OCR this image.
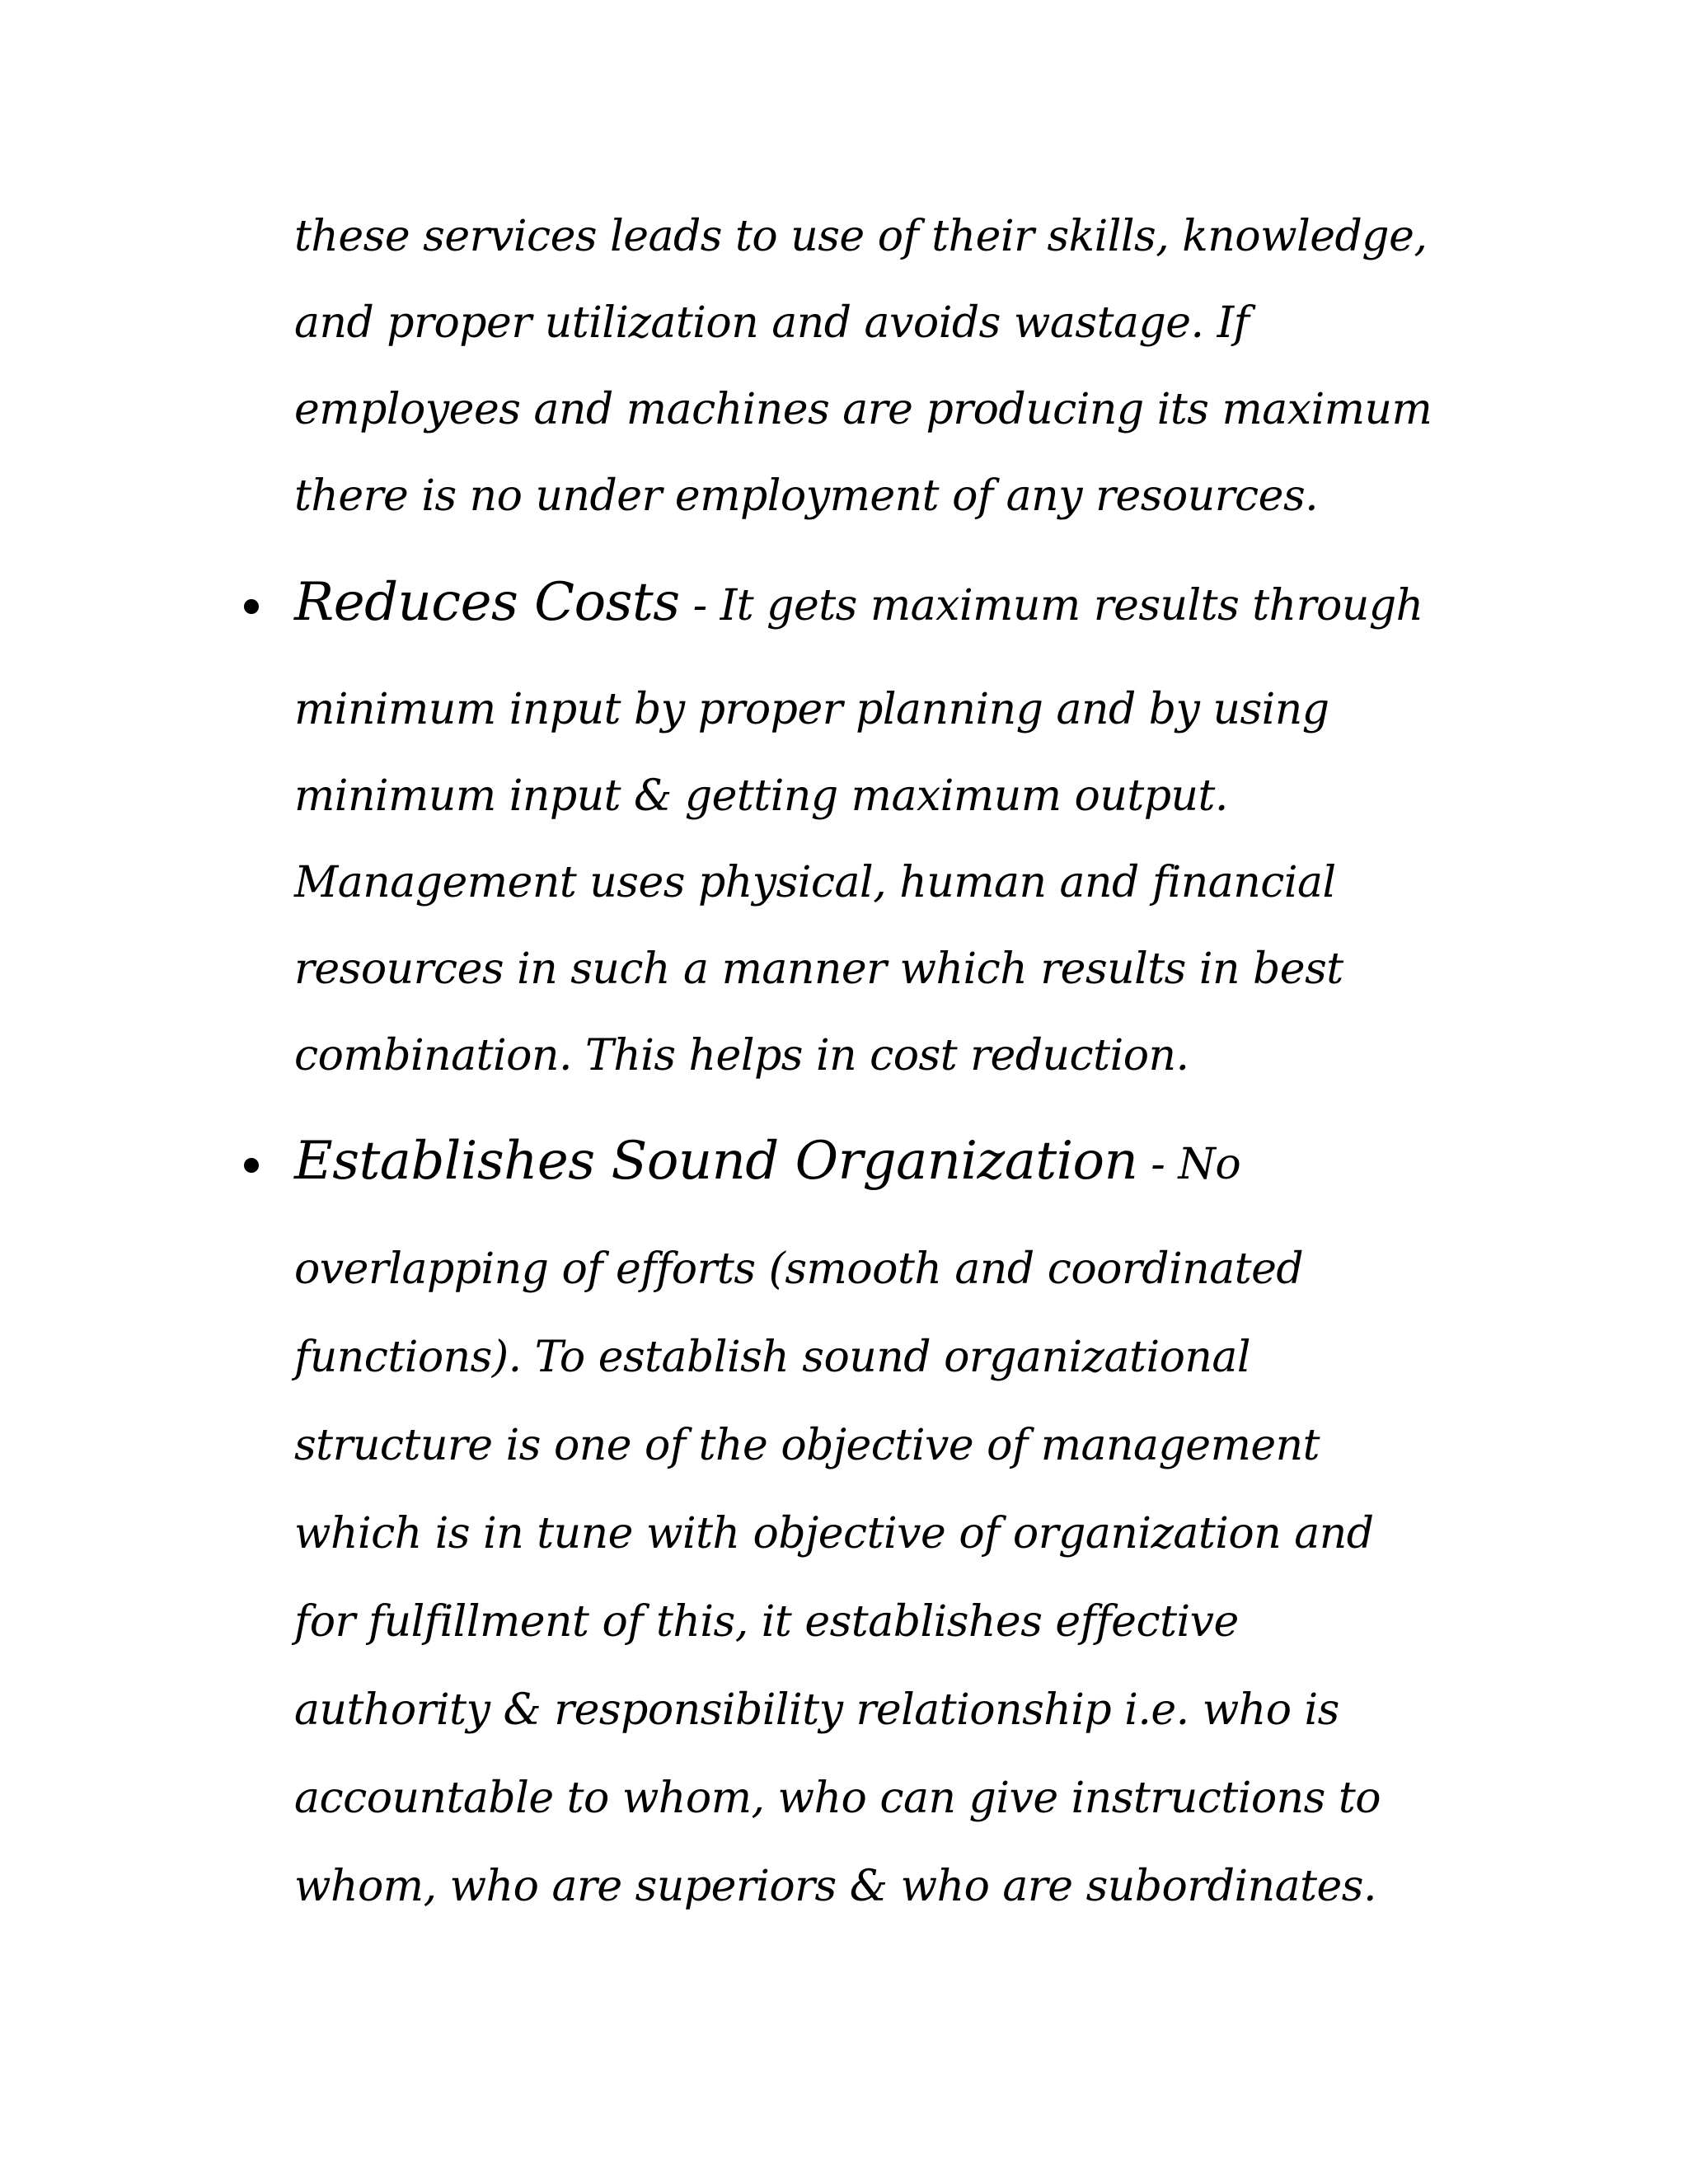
these services leads to use of their skills, knowledge,
and proper utilization and avoids wastage. If
employees and machines are producing its maximum
there is no under employment of any resources.
Reduces Costs - It gets maximum results through
minimum input by proper planning and by using
minimum input & getting maximum output.
Management uses physical, human and financial
resources in such a manner which results in best
combination. This helps in cost reduction.
Establishes Sound Organization - No
overlapping of efforts (smooth and coordinated
functions). To establish sound organizational
structure is one of the objective of management
which is in tune with objective of organization and
for fulfillment of this, it establishes effective
authority & responsibility relationship i.e. who is
accountable to whom, who can give instructions to
whom, who are superiors & who are subordinates.
